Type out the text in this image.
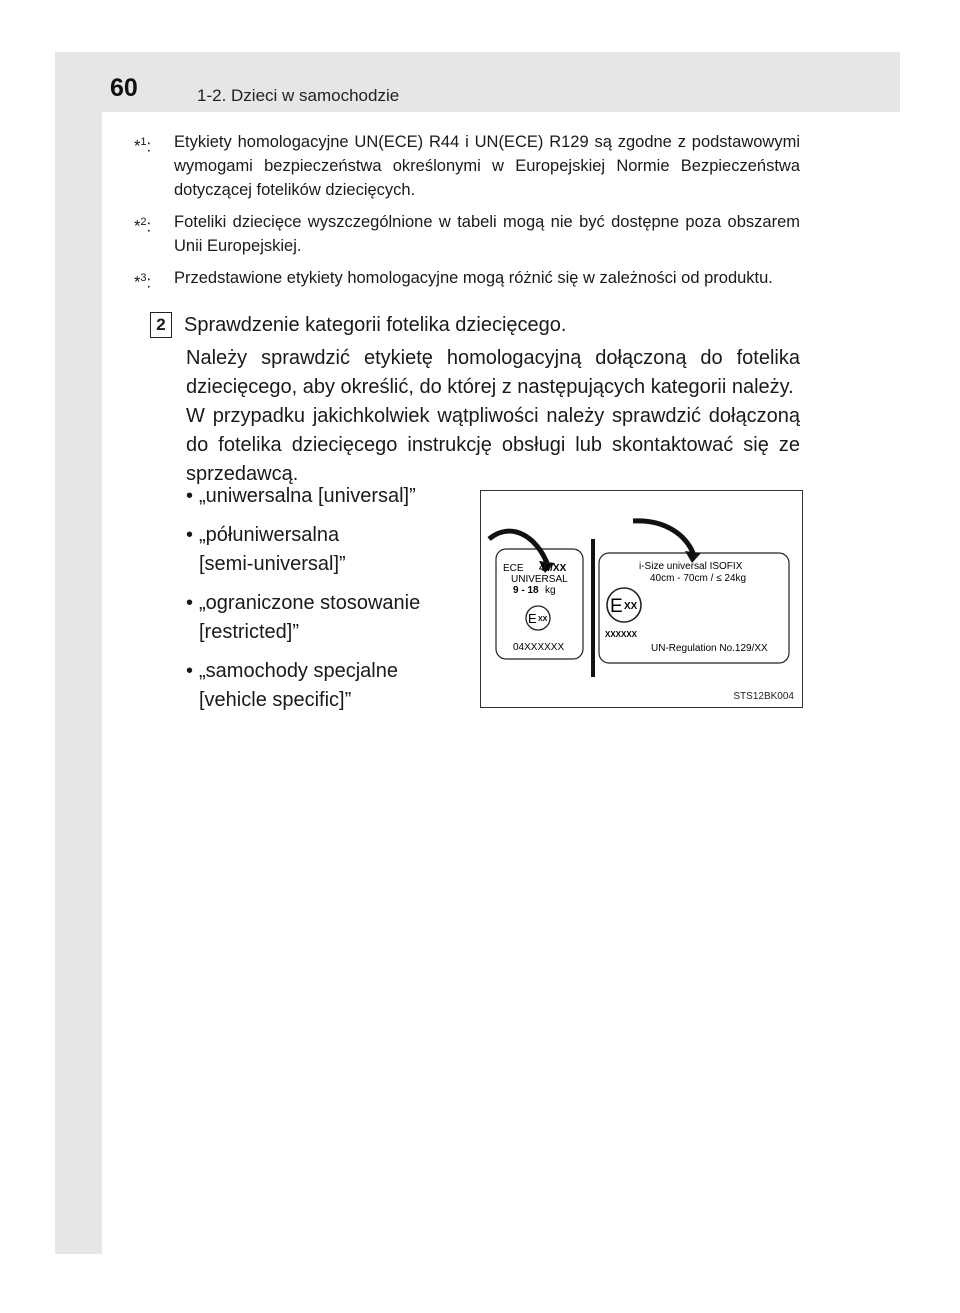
60	1-2. Dzieci w samochodzie
*$^1$: Etykiety homologacyjne UN(ECE) R44 i UN(ECE) R129 są zgodne z podstawowymi wymogami bezpieczeństwa określonymi w Europejskiej Normie Bezpieczeństwa dotyczącej fotelików dziecięcych.
*$^2$: Foteliki dziecięce wyszczególnione w tabeli mogą nie być dostępne poza obszarem Unii Europejskiej.
*$^3$: Przedstawione etykiety homologacyjne mogą różnić się w zależności od produktu.
2 Sprawdzenie kategorii fotelika dziecięcego.
Należy sprawdzić etykietę homologacyjną dołączoną do fotelika dziecięcego, aby określić, do której z następujących kategorii należy.
W przypadku jakichkolwiek wątpliwości należy sprawdzić dołączoną do fotelika dziecięcego instrukcję obsługi lub skontaktować się ze sprzedawcą.
• „uniwersalna [universal]”
• „półuniwersalna
[semi-universal]”
• „ograniczone stosowanie
[restricted]”
• „samochody specjalne
[vehicle specific]”
ECE 44/XX
UNIVERSAL
9 - 18 kg
E XX
04XXXXXX
i-Size universal ISOFIX
40cm - 70cm / ≤ 24kg
E XX
XXXXXX
UN-Regulation No.129/XX
STS12BK004
